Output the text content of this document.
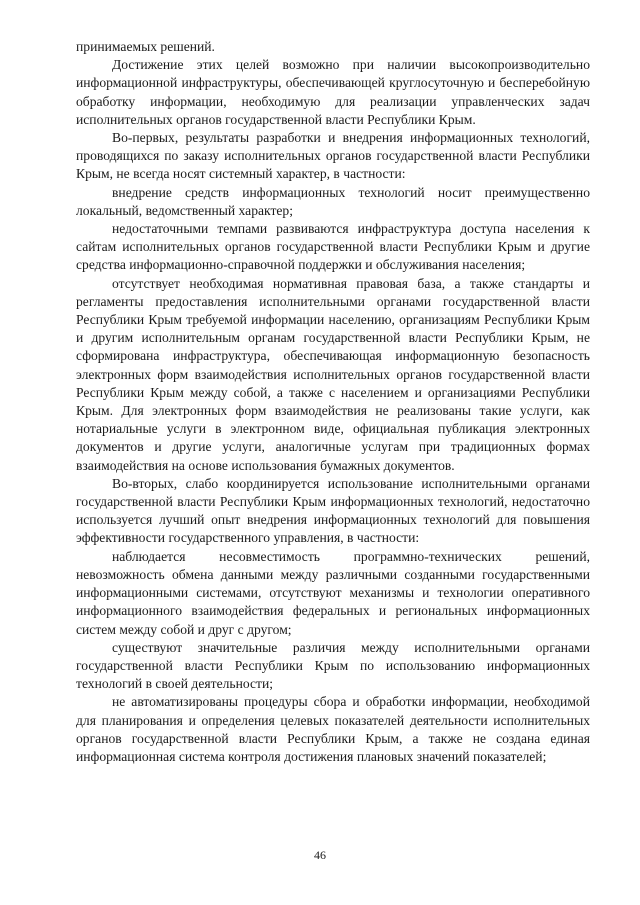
принимаемых решений.

Достижение этих целей возможно при наличии высокопроизводительно информационной инфраструктуры, обеспечивающей круглосуточную и бесперебойную обработку информации, необходимую для реализации управленческих задач исполнительных органов государственной власти Республики Крым.

Во-первых, результаты разработки и внедрения информационных технологий, проводящихся по заказу исполнительных органов государственной власти Республики Крым, не всегда носят системный характер, в частности:

внедрение средств информационных технологий носит преимущественно локальный, ведомственный характер;

недостаточными темпами развиваются инфраструктура доступа населения к сайтам исполнительных органов государственной власти Республики Крым и другие средства информационно-справочной поддержки и обслуживания населения;

отсутствует необходимая нормативная правовая база, а также стандарты и регламенты предоставления исполнительными органами государственной власти Республики Крым требуемой информации населению, организациям Республики Крым и другим исполнительным органам государственной власти Республики Крым, не сформирована инфраструктура, обеспечивающая информационную безопасность электронных форм взаимодействия исполнительных органов государственной власти Республики Крым между собой, а также с населением и организациями Республики Крым. Для электронных форм взаимодействия не реализованы такие услуги, как нотариальные услуги в электронном виде, официальная публикация электронных документов и другие услуги, аналогичные услугам при традиционных формах взаимодействия на основе использования бумажных документов.

Во-вторых, слабо координируется использование исполнительными органами государственной власти Республики Крым информационных технологий, недостаточно используется лучший опыт внедрения информационных технологий для повышения эффективности государственного управления, в частности:

наблюдается несовместимость программно-технических решений, невозможность обмена данными между различными созданными государственными информационными системами, отсутствуют механизмы и технологии оперативного информационного взаимодействия федеральных и региональных информационных систем между собой и друг с другом;

существуют значительные различия между исполнительными органами государственной власти Республики Крым по использованию информационных технологий в своей деятельности;

не автоматизированы процедуры сбора и обработки информации, необходимой для планирования и определения целевых показателей деятельности исполнительных органов государственной власти Республики Крым, а также не создана единая информационная система контроля достижения плановых значений показателей;

46
